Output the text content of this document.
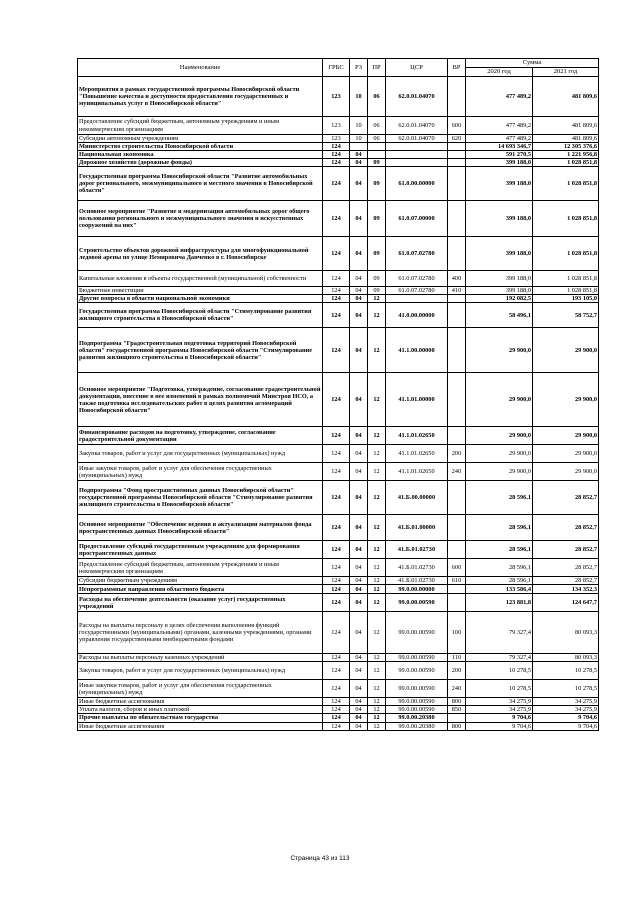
Наименование	ГРБС	РЗ	ПР	ЦСР	ВР	Сумма	
						2020 год	2021 год
Мероприятия в рамках государственной программы Новосибирской области "Повышение качества и доступности предоставления государственных и муниципальных услуг в Новосибирской области"	123	10	06	62.0.01.04070		477 489,2	481 809,6
Предоставление субсидий бюджетным, автономным учреждениям и иным некоммерческим организациям	123	10	06	62.0.01.04070	600	477 489,2	481 809,6
Субсидии автономным учреждениям	123	10	06	62.0.01.04070	620	477 489,2	481 809,6
Министерство строительства Новосибирской области	124					14 693 346,7	12 305 376,6
Национальная экономика	124	04				591 270,5	1 221 956,8
Дорожное хозяйство (дорожные фонды)	124	04	09			399 188,0	1 028 851,8
Государственная программа Новосибирской области "Развитие автомобильных дорог регионального, межмуниципального и местного значения в Новосибирской области"	124	04	09	61.0.00.00000		399 188,0	1 028 851,8
Основное мероприятие "Развитие и модернизация автомобильных дорог общего пользования регионального и межмуниципального значения и искусственных сооружений на них"	124	04	09	61.0.07.00000		399 188,0	1 028 851,8
Строительство объектов дорожной инфраструктуры для многофункциональной ледовой арены по улице Немировича Данченко в г. Новосибирске	124	04	09	61.0.07.02780		399 188,0	1 028 851,8
Капитальные вложения в объекты государственной (муниципальной) собственности	124	04	09	61.0.07.02780	400	399 188,0	1 028 851,8
Бюджетные инвестиции	124	04	09	61.0.07.02780	410	399 188,0	1 028 851,8
Другие вопросы в области национальной экономики	124	04	12			192 082,5	193 105,0
Государственная программа Новосибирской области "Стимулирование развития жилищного строительства в Новосибирской области"	124	04	12	41.0.00.00000		58 496,1	58 752,7
Подпрограмма "Градостроительная подготовка территорий Новосибирской области" государственной программы Новосибирской области "Стимулирование развития жилищного строительства в Новосибирской области"	124	04	12	41.1.00.00000		29 900,0	29 900,0
Основное мероприятие "Подготовка, утверждение, согласование градостроительной документации, внесение в нее изменений в рамках полномочий Минстроя НСО, а также подготовка исследовательских работ в целях развития агломераций Новосибирской области"	124	04	12	41.1.01.00000		29 900,0	29 900,0
Финансирование расходов на подготовку, утверждение, согласование градостроительной документации	124	04	12	41.1.01.02650		29 900,0	29 900,0
Закупка товаров, работ и услуг для государственных (муниципальных) нужд	124	04	12	41.1.01.02650	200	29 900,0	29 900,0
Иные закупки товаров, работ и услуг для обеспечения государственных (муниципальных) нужд	124	04	12	41.1.01.02650	240	29 900,0	29 900,0
Подпрограмма "Фонд пространственных данных Новосибирской области" государственной программы Новосибирской области "Стимулирование развития жилищного строительства в Новосибирской области"	124	04	12	41.Б.00.00000		28 596,1	28 852,7
Основное мероприятие "Обеспечение ведения и актуализации материалов фонда пространственных данных Новосибирской области"	124	04	12	41.Б.01.00000		28 596,1	28 852,7
Предоставление субсидий государственным учреждениям для формирования пространственных данных	124	04	12	41.Б.01.02730		28 596,1	28 852,7
Предоставление субсидий бюджетным, автономным учреждениям и иным некоммерческим организациям	124	04	12	41.Б.01.02730	600	28 596,1	28 852,7
Субсидии бюджетным учреждениям	124	04	12	41.Б.01.02730	610	28 596,1	28 852,7
Непрограммные направления областного бюджета	124	04	12	99.0.00.00000		133 586,4	134 352,3
Расходы на обеспечение деятельности (оказание услуг) государственных учреждений	124	04	12	99.0.00.00590		123 881,8	124 647,7
Расходы на выплаты персоналу в целях обеспечения выполнения функций государственными (муниципальными) органами, казенными учреждениями, органами управления государственными внебюджетными фондами	124	04	12	99.0.00.00590	100	79 327,4	80 093,3
Расходы на выплаты персоналу казенных учреждений	124	04	12	99.0.00.00590	110	79 327,4	80 093,3
Закупка товаров, работ и услуг для государственных (муниципальных) нужд	124	04	12	99.0.00.00590	200	10 278,5	10 278,5
Иные закупки товаров, работ и услуг для обеспечения государственных (муниципальных) нужд	124	04	12	99.0.00.00590	240	10 278,5	10 278,5
Иные бюджетные ассигнования	124	04	12	99.0.00.00590	800	34 275,9	34 275,9
Уплата налогов, сборов и иных платежей	124	04	12	99.0.00.00590	850	34 275,9	34 275,9
Прочие выплаты по обязательствам государства	124	04	12	99.0.00.20380		9 704,6	9 704,6
Иные бюджетные ассигнования	124	04	12	99.0.00.20380	800	9 704,6	9 704,6
Страница 43 из 113
